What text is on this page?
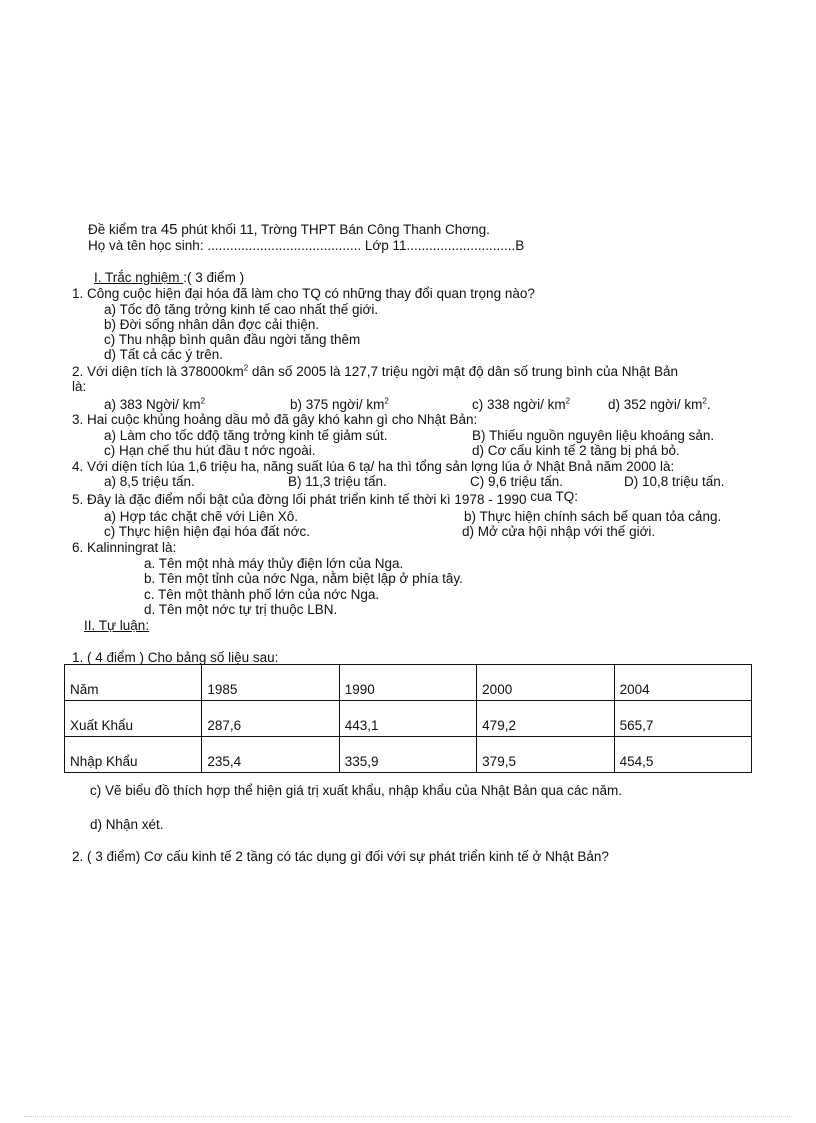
Đề kiểm tra 45 phút khối 11, Trờng THPT Bán Công Thanh Chơng.
Họ và tên học sinh: ......................................... Lớp 11.............................B
I. Trắc nghiệm :( 3 điểm )
1. Công cuộc hiện đại hóa đã làm cho TQ có những thay đổi quan trọng nào?
a) Tốc độ tăng trởng kinh tế cao nhất thế giới.
b) Đời sống nhân dân đợc cải thiện.
c) Thu nhập bình quân đầu ngời tăng thêm
d) Tất cả các ý trên.
2. Với diện tích là $378000km^2$ dân số 2005 là 127,7 triệu ngời mật độ dân số trung bình của Nhật Bản
là:
a) 383 Ngời/ $km^2$	b) 375 ngời/ $km^2$	c) 338 ngời/ $km^2$	d) 352 ngời/ $km^2$.
3. Hai cuộc khủng hoảng dầu mỏ đã gây khó kahn gì cho Nhật Bản:
a) Làm cho tốc dđộ tăng trởng kinh tế giảm sút.	B) Thiếu nguồn nguyên liệu khoáng sản.
c) Hạn chế thu hút đầu t nớc ngoài.	d) Cơ cấu kinh tế 2 tầng bị phá bỏ.
4. Với diện tích lúa 1,6 triệu ha, năng suất lúa 6 tạ/ ha thì tổng sản lợng lúa ở Nhật Bnả năm 2000 là:
a) 8,5 triệu tấn.	B) 11,3 triệu tấn.	C) 9,6 triệu tấn.	D) 10,8 triệu tấn.
5. Đây là đặc điểm nổi bật của đờng lối phát triển kinh tế thời kì 1978 - 1990 cua TQ:
a) Hợp tác chặt chẽ với Liên Xô.	b) Thực hiện chính sách bế quan tỏa cảng.
c) Thực hiện hiện đại hóa đất nớc.	d) Mở cửa hội nhập với thế giới.
6. Kalinningrat là:
a. Tên một nhà máy thủy điện lớn của Nga.
b. Tên một tỉnh của nớc Nga, nằm biệt lập ở phía tây.
c. Tên một thành phố lớn của nớc Nga.
d. Tên một nớc tự trị thuộc LBN.
II. Tự luận:
1. ( 4 điểm ) Cho bảng số liệu sau:
Năm	1985	1990	2000	2004
Xuất Khẩu	287,6	443,1	479,2	565,7
Nhập Khẩu	235,4	335,9	379,5	454,5
c) Vẽ biểu đồ thích hợp thể hiện giá trị xuất khẩu, nhập khẩu của Nhật Bản qua các năm.
d) Nhận xét.
2. ( 3 điểm) Cơ cấu kinh tế 2 tầng có tác dụng gì đối với sự phát triển kinh tế ở Nhật Bản?
